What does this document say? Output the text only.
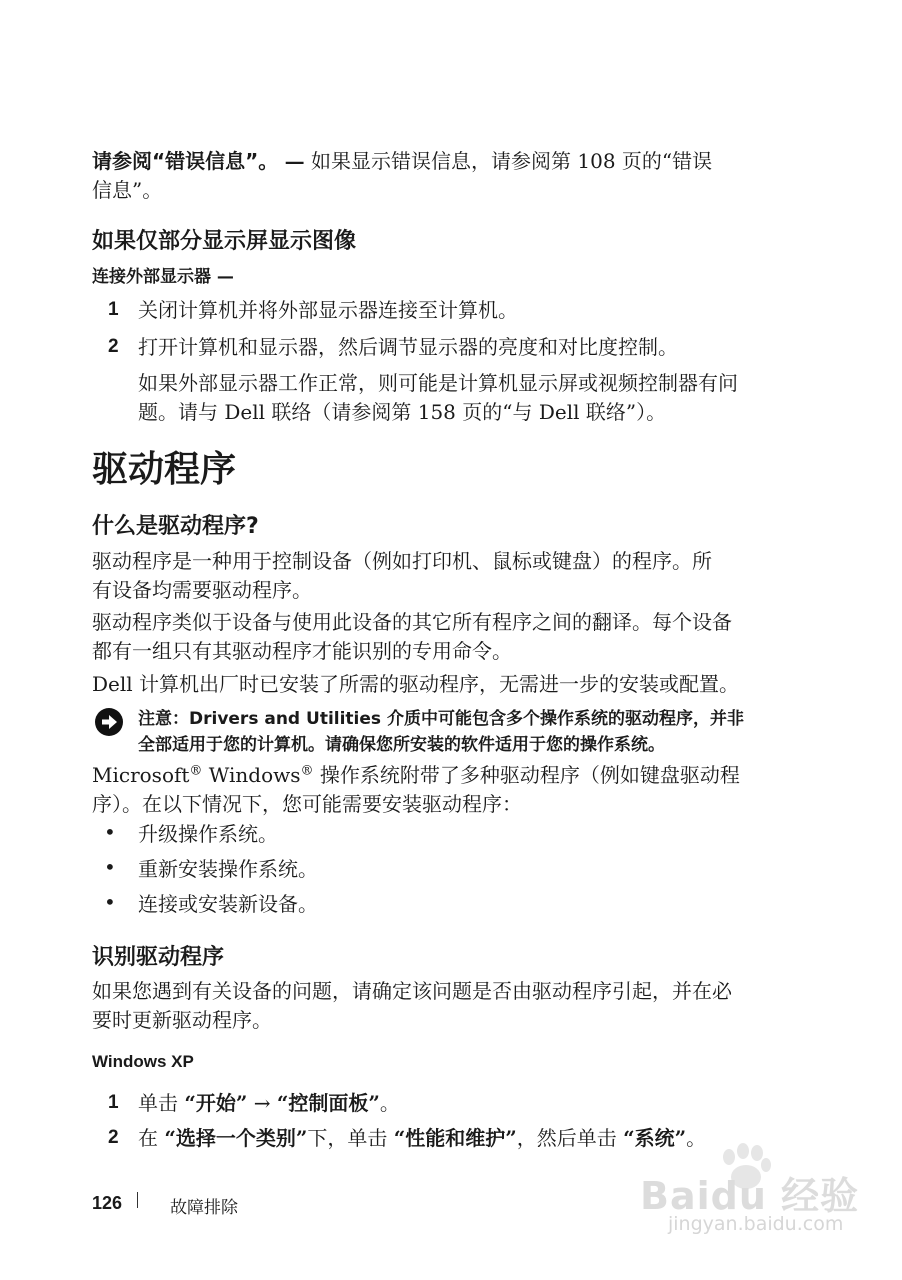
请参阅“错误信息”。 — 如果显示错误信息，请参阅第 108 页的“错误
信息”。
如果仅部分显示屏显示图像
连接外部显示器 —
1 关闭计算机并将外部显示器连接至计算机。
2 打开计算机和显示器，然后调节显示器的亮度和对比度控制。
如果外部显示器工作正常，则可能是计算机显示屏或视频控制器有问
题。请与 Dell 联络（请参阅第 158 页的“与 Dell 联络”）。
驱动程序
什么是驱动程序?
驱动程序是一种用于控制设备（例如打印机、鼠标或键盘）的程序。所
有设备均需要驱动程序。
驱动程序类似于设备与使用此设备的其它所有程序之间的翻译。每个设备
都有一组只有其驱动程序才能识别的专用命令。
Dell 计算机出厂时已安装了所需的驱动程序，无需进一步的安装或配置。
注意：Drivers and Utilities 介质中可能包含多个操作系统的驱动程序，并非
全部适用于您的计算机。请确保您所安装的软件适用于您的操作系统。
Microsoft® Windows® 操作系统附带了多种驱动程序（例如键盘驱动程
序）。在以下情况下，您可能需要安装驱动程序：
• 升级操作系统。
• 重新安装操作系统。
• 连接或安装新设备。
识别驱动程序
如果您遇到有关设备的问题，请确定该问题是否由驱动程序引起，并在必
要时更新驱动程序。
Windows XP
1 单击 “开始” → “控制面板”。
2 在 “选择一个类别”下，单击 “性能和维护”，然后单击 “系统”。
126	故障排除	Baidu 经验
jingyan.baidu.com
